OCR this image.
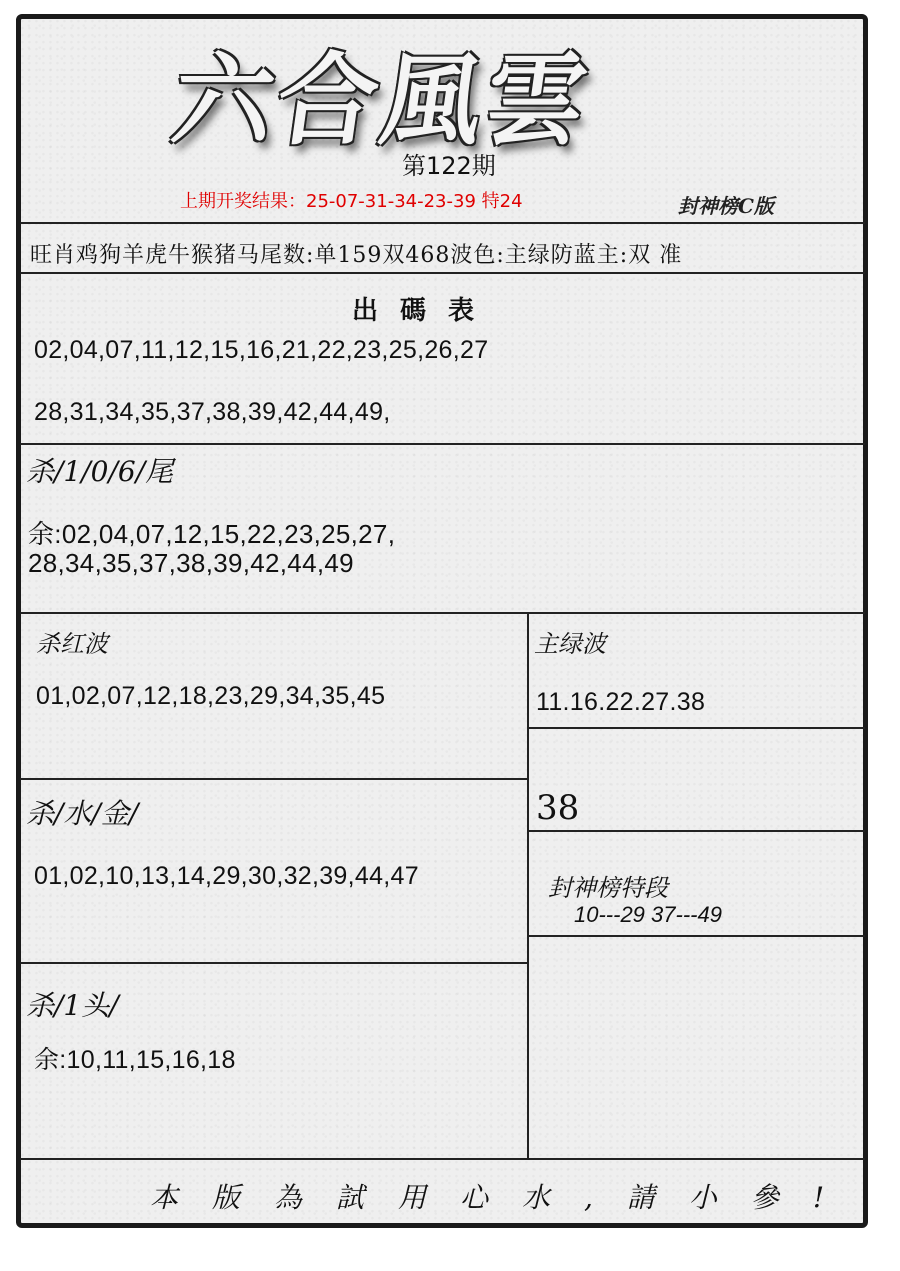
六合風雲
第122期
上期开奖结果：25-07-31-34-23-39 特24	封神榜C版
旺肖鸡狗羊虎牛猴猪马尾数:单159双468波色:主绿防蓝主:双 准
出碼表
02,04,07,11,12,15,16,21,22,23,25,26,27
28,31,34,35,37,38,39,42,44,49,
杀/1/0/6/尾
余:02,04,07,12,15,22,23,25,27,
28,34,35,37,38,39,42,44,49
杀红波
01,02,07,12,18,23,29,34,35,45
主绿波
11.16.22.27.38
38
杀/水/金/
01,02,10,13,14,29,30,32,39,44,47	封神榜特段
10---29 37---49
杀/1头/
余:10,11,15,16,18
本版為試用心水,請小參!
